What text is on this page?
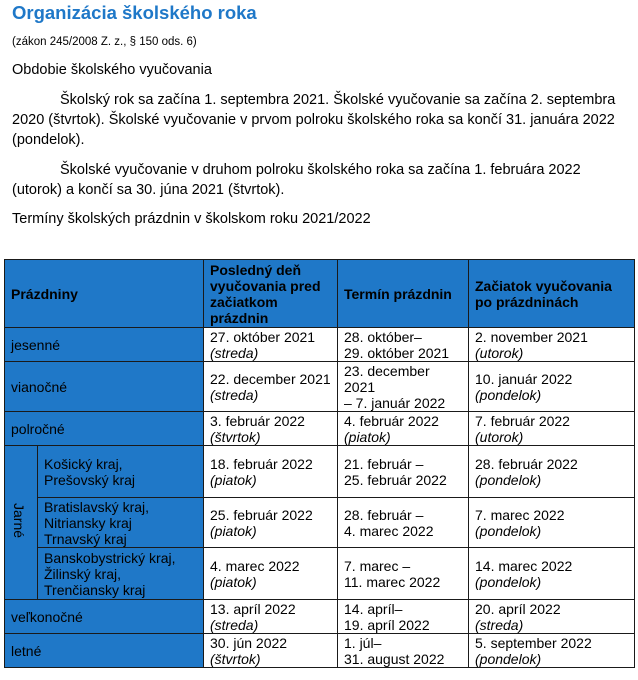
Organizácia školského roka
(zákon 245/2008 Z. z., § 150 ods. 6)
Obdobie školského vyučovania

Školský rok sa začína 1. septembra 2021. Školské vyučovanie sa začína 2. septembra 2020 (štvrtok). Školské vyučovanie v prvom polroku školského roka sa končí 31. januára 2022 (pondelok).

Školské vyučovanie v druhom polroku školského roka sa začína 1. februára 2022 (utorok) a končí sa 30. júna 2021 (štvrtok).

Termíny školských prázdnin v školskom roku 2021/2022
Prázdniny		Posledný deň vyučovania pred začiatkom prázdnin	Termín prázdnin	Začiatok vyučovania po prázdninách
jesenné		27. október 2021
(streda)	28. október–
29. október 2021	2. november 2021
(utorok)

vianočné		22. december 2021
(streda)	23. december 2021
– 7. január 2022	10. január 2022
(pondelok)

polročné		3. február 2022
(štvrtok)	4. február 2022
(piatok)	7. február 2022
(utorok)

Jarné	Košický kraj,
Prešovský kraj	18. február 2022
(piatok)	21. február –
25. február 2022	28. február 2022
(pondelok)

	Bratislavský kraj,
Nitriansky kraj
Trnavský kraj	25. február 2022
(piatok)	28. február –
4. marec 2022	7. marec 2022
(pondelok)

	Banskobystrický kraj,
Žilinský kraj,
Trenčiansky kraj	4. marec 2022
(piatok)	7. marec –
11. marec 2022	14. marec 2022
(pondelok)

veľkonočné		13. apríl 2022
(streda)	14. apríl–
19. apríl 2022	20. apríl 2022
(streda)

letné		30. jún 2022
(štvrtok)	1. júl–
31. august 2022	5. september 2022
(pondelok)
